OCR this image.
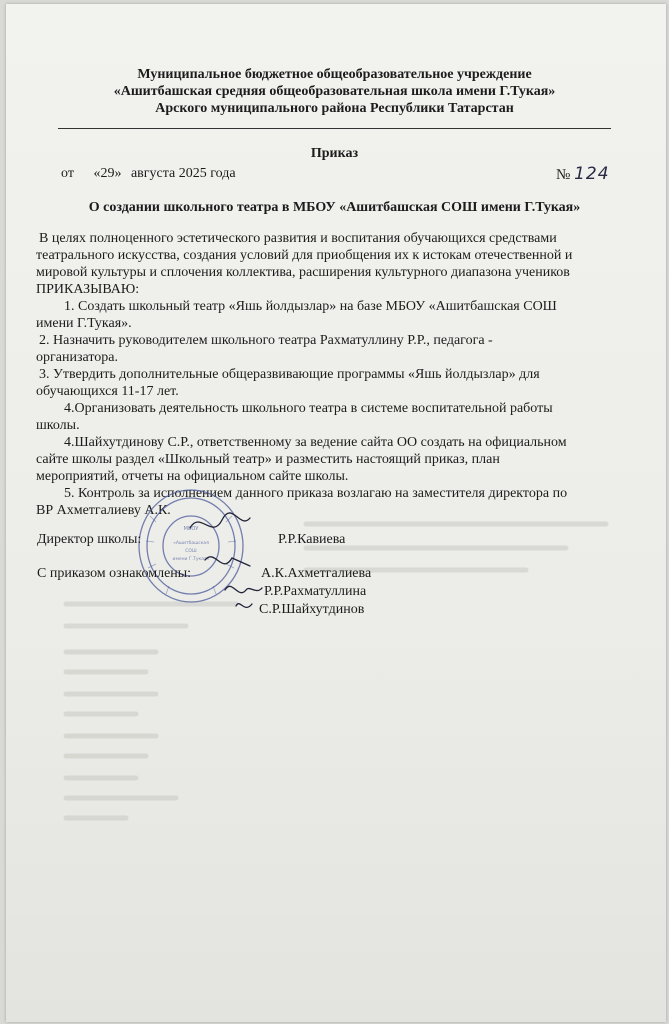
Муниципальное бюджетное общеобразовательное учреждение
«Ашитбашская средняя общеобразовательная школа имени Г.Тукая»
Арского муниципального района Республики Татарстан
Приказ
от «29» августа 2025 года	№ 124
О создании школьного театра в МБОУ «Ашитбашская СОШ имени Г.Тукая»

В целях полноценного эстетического развития и воспитания обучающихся средствами

театрального искусства, создания условий для приобщения их к истокам отечественной и

мировой культуры и сплочения коллектива, расширения культурного диапазона учеников

ПРИКАЗЫВАЮ:

1. Создать школьный театр «Яшь йолдызлар» на базе МБОУ «Ашитбашская СОШ

имени Г.Тукая».

2. Назначить руководителем школьного театра Рахматуллину Р.Р., педагога -

организатора.

3. Утвердить дополнительные общеразвивающие программы «Яшь йолдызлар» для

обучающихся 11-17 лет.

4.Организовать деятельность школьного театра в системе воспитательной работы

школы.

4.Шайхутдинову С.Р., ответственному за ведение сайта ОО создать на официальном

сайте школы раздел «Школьный театр» и разместить настоящий приказ, план

мероприятий, отчеты на официальном сайте школы.

5. Контроль за исполнением данного приказа возлагаю на заместителя директора по

ВР Ахметгалиеву А.К.

МБОУ
«Ашитбашская
СОШ
имени Г.Тукая»
Директор школы:	Р.Р.Кавиева
С приказом ознакомлены:	А.К.Ахметгалиева
Р.Р.Рахматуллина
С.Р.Шайхутдинов
